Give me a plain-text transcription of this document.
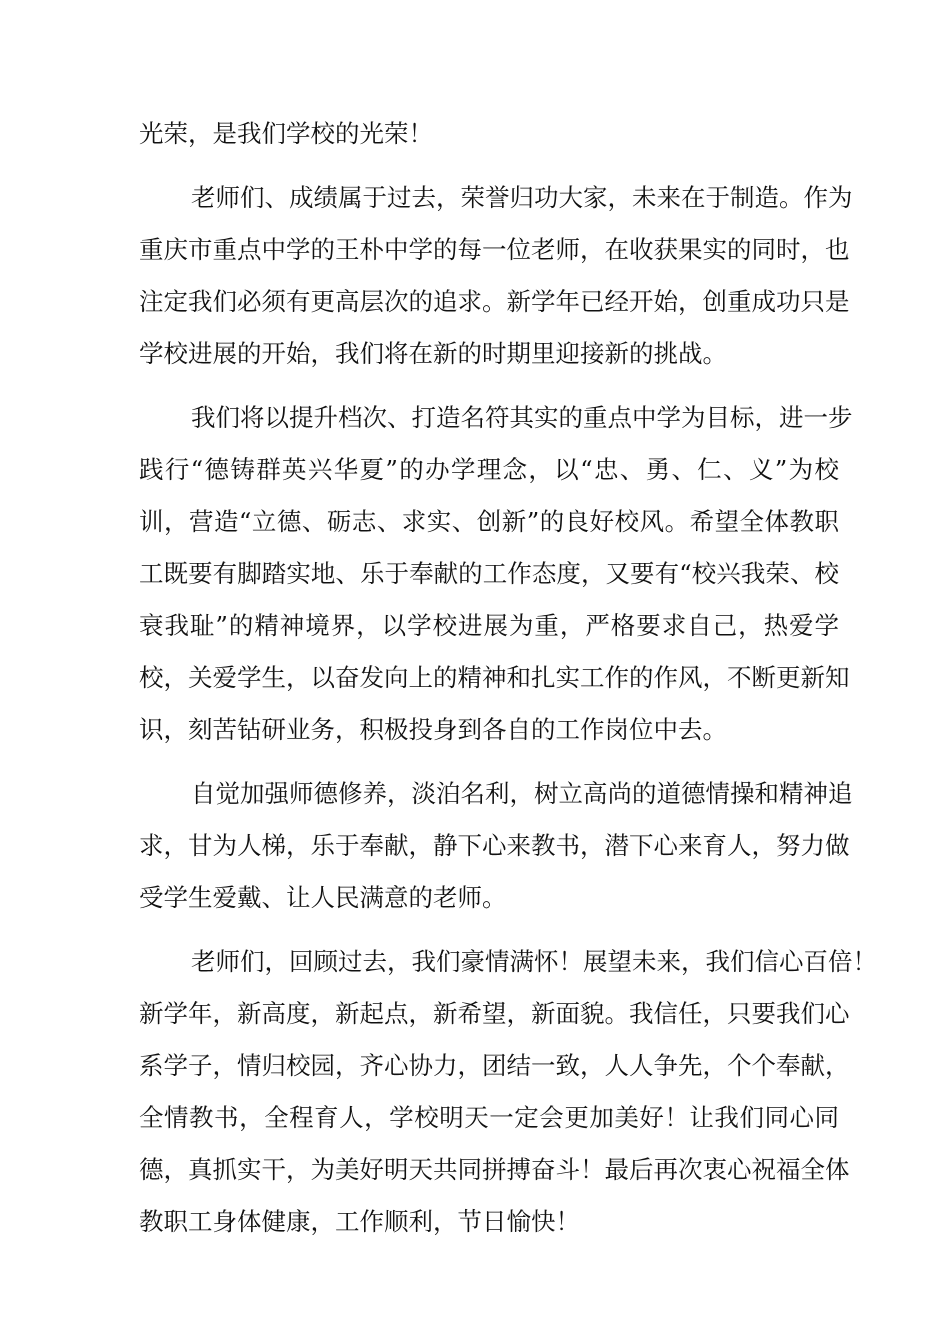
光荣，是我们学校的光荣！
老师们、成绩属于过去，荣誉归功大家，未来在于制造。作为
重庆市重点中学的王朴中学的每一位老师，在收获果实的同时，也
注定我们必须有更高层次的追求。新学年已经开始，创重成功只是
学校进展的开始，我们将在新的时期里迎接新的挑战。
我们将以提升档次、打造名符其实的重点中学为目标，进一步
践行“德铸群英兴华夏”的办学理念，以“忠、勇、仁、义”为校
训，营造“立德、砺志、求实、创新”的良好校风。希望全体教职
工既要有脚踏实地、乐于奉献的工作态度，又要有“校兴我荣、校
衰我耻”的精神境界，以学校进展为重，严格要求自己，热爱学
校，关爱学生，以奋发向上的精神和扎实工作的作风，不断更新知
识，刻苦钻研业务，积极投身到各自的工作岗位中去。
自觉加强师德修养，淡泊名利，树立高尚的道德情操和精神追
求，甘为人梯，乐于奉献，静下心来教书，潜下心来育人，努力做
受学生爱戴、让人民满意的老师。
老师们，回顾过去，我们豪情满怀！展望未来，我们信心百倍！
新学年，新高度，新起点，新希望，新面貌。我信任，只要我们心
系学子，情归校园，齐心协力，团结一致，人人争先，个个奉献，
全情教书，全程育人，学校明天一定会更加美好！让我们同心同
德，真抓实干，为美好明天共同拼搏奋斗！最后再次衷心祝福全体
教职工身体健康，工作顺利，节日愉快！
